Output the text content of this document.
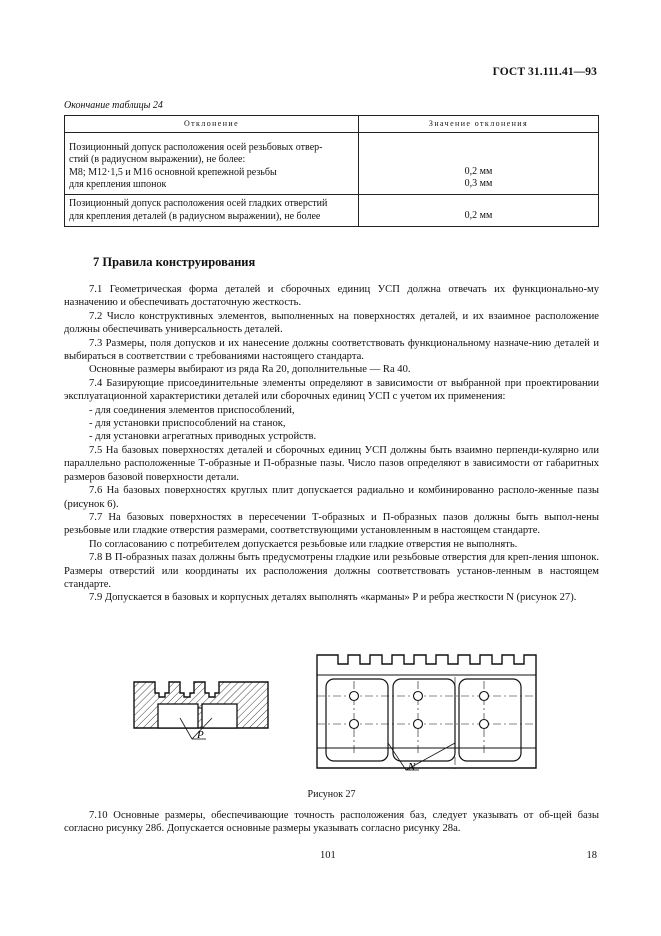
ГОСТ 31.111.41—93
Окончание таблицы 24
Отклонение	Значение отклонения

Позиционный допуск расположения осей резьбовых отвер-
стий (в радиусном выражении), не более:
M8; M12·1,5 и M16 основной крепежной резьбы
для крепления шпонок	0,2 мм
0,3 мм

Позиционный допуск расположения осей гладких отверстий
для крепления деталей (в радиусном выражении), не более	0,2 мм
7 Правила конструирования
7.1 Геометрическая форма деталей и сборочных единиц УСП должна отвечать их функционально-му назначению и обеспечивать достаточную жесткость.
7.2 Число конструктивных элементов, выполненных на поверхностях деталей, и их взаимное расположение должны обеспечивать универсальность деталей.
7.3 Размеры, поля допусков и их нанесение должны соответствовать функциональному назначе-нию деталей и выбираться в соответствии с требованиями настоящего стандарта.
Основные размеры выбирают из ряда Ra 20, дополнительные — Ra 40.
7.4 Базирующие присоединительные элементы определяют в зависимости от выбранной при проектировании эксплуатационной характеристики деталей или сборочных единиц УСП с учетом их применения:
- для соединения элементов приспособлений,
- для установки приспособлений на станок,
- для установки агрегатных приводных устройств.
7.5 На базовых поверхностях деталей и сборочных единиц УСП должны быть взаимно перпенди-кулярно или параллельно расположенные Т-образные и П-образные пазы. Число пазов определяют в зависимости от габаритных размеров базовой поверхности детали.
7.6 На базовых поверхностях круглых плит допускается радиально и комбинированно располо-женные пазы (рисунок 6).
7.7 На базовых поверхностях в пересечении Т-образных и П-образных пазов должны быть выпол-нены резьбовые или гладкие отверстия размерами, соответствующими установленным в настоящем стандарте.
По согласованию с потребителем допускается резьбовые или гладкие отверстия не выполнять.
7.8 В П-образных пазах должны быть предусмотрены гладкие или резьбовые отверстия для креп-ления шпонок. Размеры отверстий или координаты их расположения должны соответствовать установ-ленным в настоящем стандарте.
7.9 Допускается в базовых и корпусных деталях выполнять «карманы» P и ребра жесткости N (рисунок 27).
P
N
Рисунок 27
7.10 Основные размеры, обеспечивающие точность расположения баз, следует указывать от об-щей базы согласно рисунку 28б. Допускается основные размеры указывать согласно рисунку 28а.
101	18
